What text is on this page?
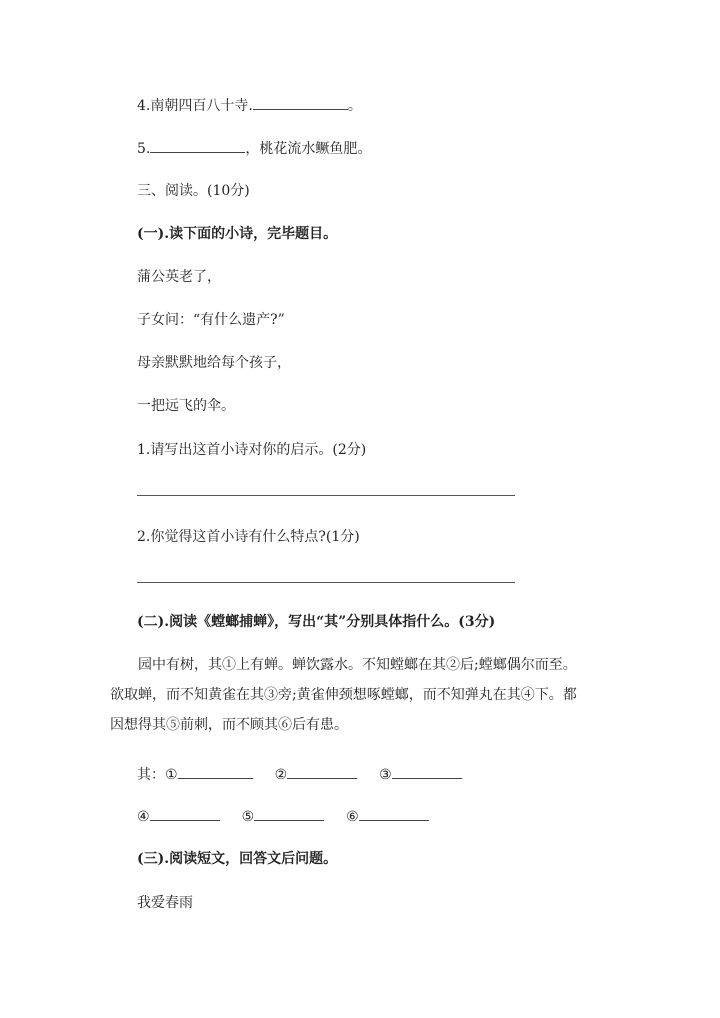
4.南朝四百八十寺.	。
5.	，桃花流水鳜鱼肥。
三、阅读。(10分)
(一).读下面的小诗，完毕题目。
蒲公英老了，
子女问：“有什么遗产?”
母亲默默地给每个孩子，
一把远飞的伞。
1.请写出这首小诗对你的启示。(2分)
2.你觉得这首小诗有什么特点?(1分)
(二).阅读《螳螂捕蝉》，写出“其”分别具体指什么。(3分)
园中有树，其①上有蝉。蝉饮露水。不知螳螂在其②后;螳螂偶尔而至。欲取蝉，而不知黄雀在其③旁;黄雀伸颈想啄螳螂，而不知弹丸在其④下。都因想得其⑤前刺，而不顾其⑥后有患。
其：①	②	③
④	⑤	⑥
(三).阅读短文，回答文后问题。
我爱春雨
